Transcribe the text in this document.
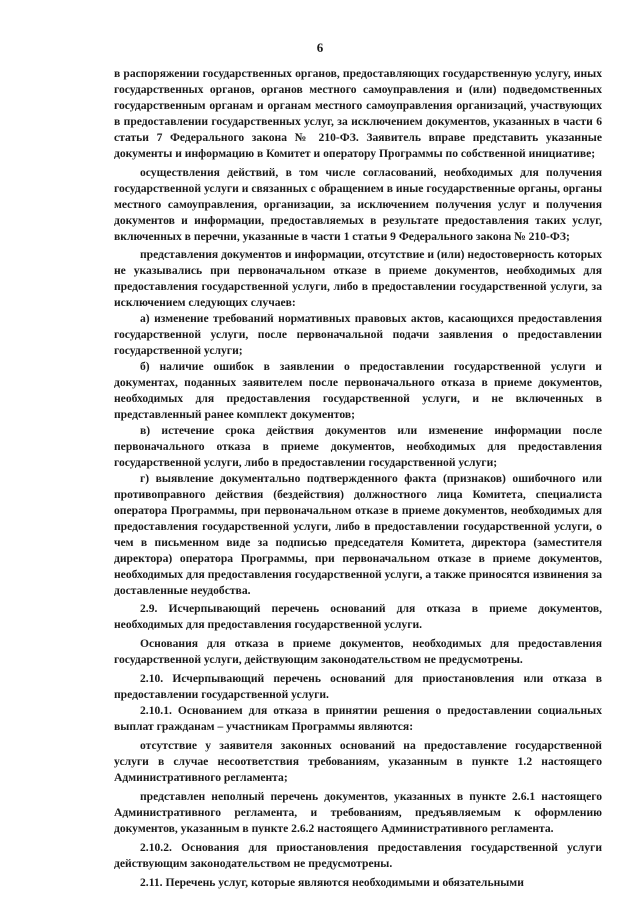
6

в распоряжении государственных органов, предоставляющих государственную услугу, иных государственных органов, органов местного самоуправления и (или) подведомственных государственным органам и органам местного самоуправления организаций, участвующих в предоставлении государственных услуг, за исключением документов, указанных в части 6 статьи 7 Федерального закона № 210-ФЗ. Заявитель вправе представить указанные документы и информацию в Комитет и оператору Программы по собственной инициативе;

осуществления действий, в том числе согласований, необходимых для получения государственной услуги и связанных с обращением в иные государственные органы, органы местного самоуправления, организации, за исключением получения услуг и получения документов и информации, предоставляемых в результате предоставления таких услуг, включенных в перечни, указанные в части 1 статьи 9 Федерального закона № 210-ФЗ;

представления документов и информации, отсутствие и (или) недостоверность которых не указывались при первоначальном отказе в приеме документов, необходимых для предоставления государственной услуги, либо в предоставлении государственной услуги, за исключением следующих случаев:

а) изменение требований нормативных правовых актов, касающихся предоставления государственной услуги, после первоначальной подачи заявления о предоставлении государственной услуги;

б) наличие ошибок в заявлении о предоставлении государственной услуги и документах, поданных заявителем после первоначального отказа в приеме документов, необходимых для предоставления государственной услуги, и не включенных в представленный ранее комплект документов;

в) истечение срока действия документов или изменение информации после первоначального отказа в приеме документов, необходимых для предоставления государственной услуги, либо в предоставлении государственной услуги;

г) выявление документально подтвержденного факта (признаков) ошибочного или противоправного действия (бездействия) должностного лица Комитета, специалиста оператора Программы, при первоначальном отказе в приеме документов, необходимых для предоставления государственной услуги, либо в предоставлении государственной услуги, о чем в письменном виде за подписью председателя Комитета, директора (заместителя директора) оператора Программы, при первоначальном отказе в приеме документов, необходимых для предоставления государственной услуги, а также приносятся извинения за доставленные неудобства.

2.9. Исчерпывающий перечень оснований для отказа в приеме документов, необходимых для предоставления государственной услуги.

Основания для отказа в приеме документов, необходимых для предоставления государственной услуги, действующим законодательством не предусмотрены.

2.10. Исчерпывающий перечень оснований для приостановления или отказа в предоставлении государственной услуги.

2.10.1. Основанием для отказа в принятии решения о предоставлении социальных выплат гражданам – участникам Программы являются:

отсутствие у заявителя законных оснований на предоставление государственной услуги в случае несоответствия требованиям, указанным в пункте 1.2 настоящего Административного регламента;

представлен неполный перечень документов, указанных в пункте 2.6.1 настоящего Административного регламента, и требованиям, предъявляемым к оформлению документов, указанным в пункте 2.6.2 настоящего Административного регламента.

2.10.2. Основания для приостановления предоставления государственной услуги действующим законодательством не предусмотрены.

2.11. Перечень услуг, которые являются необходимыми и обязательными
